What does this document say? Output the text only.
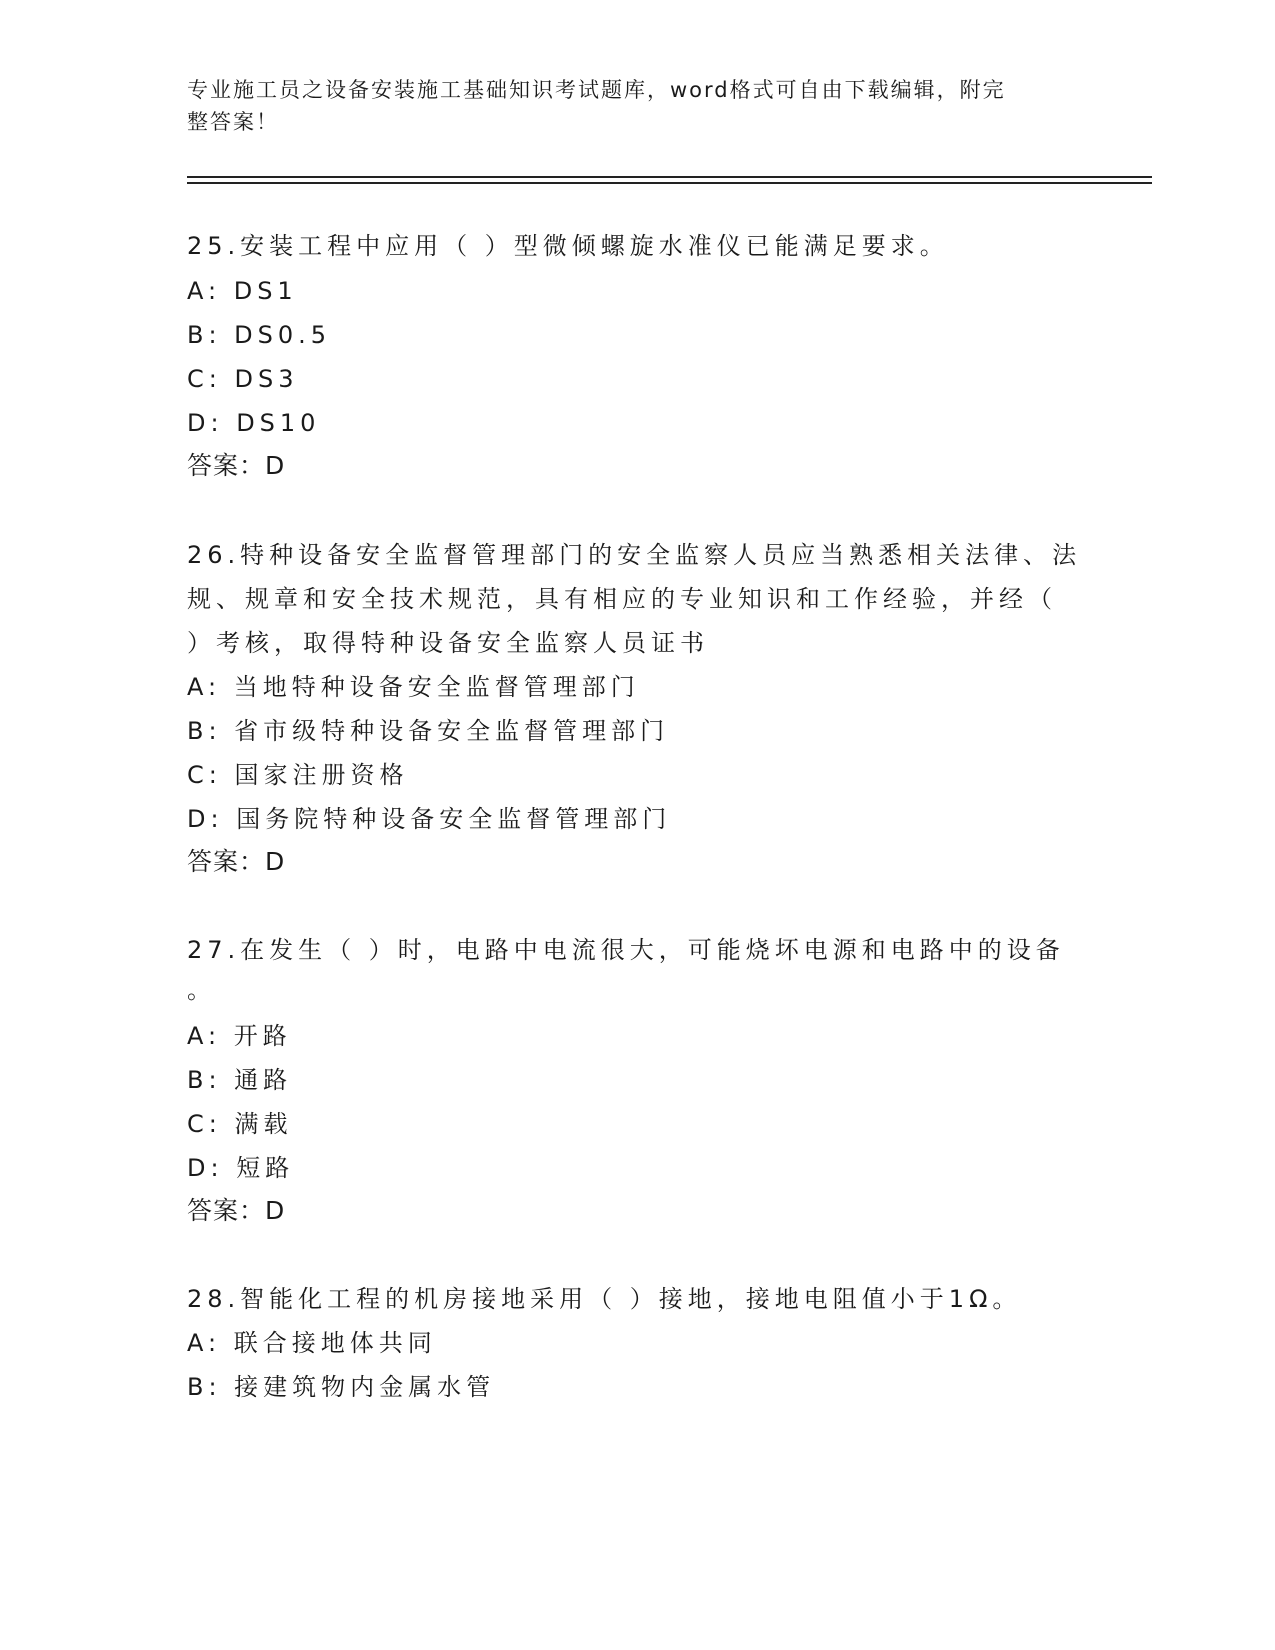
专业施工员之设备安装施工基础知识考试题库，word格式可自由下载编辑，附完
整答案！
25.安装工程中应用（ ）型微倾螺旋水准仪已能满足要求。
A: DS1
B: DS0.5
C: DS3
D: DS10
答案：D
26.特种设备安全监督管理部门的安全监察人员应当熟悉相关法律、法
规、规章和安全技术规范，具有相应的专业知识和工作经验，并经（
）考核，取得特种设备安全监察人员证书
A: 当地特种设备安全监督管理部门
B: 省市级特种设备安全监督管理部门
C: 国家注册资格
D: 国务院特种设备安全监督管理部门
答案：D
27.在发生（ ）时，电路中电流很大，可能烧坏电源和电路中的设备
。
A: 开路
B: 通路
C: 满载
D: 短路
答案：D
28.智能化工程的机房接地采用（ ）接地，接地电阻值小于1Ω。
A: 联合接地体共同
B: 接建筑物内金属水管
